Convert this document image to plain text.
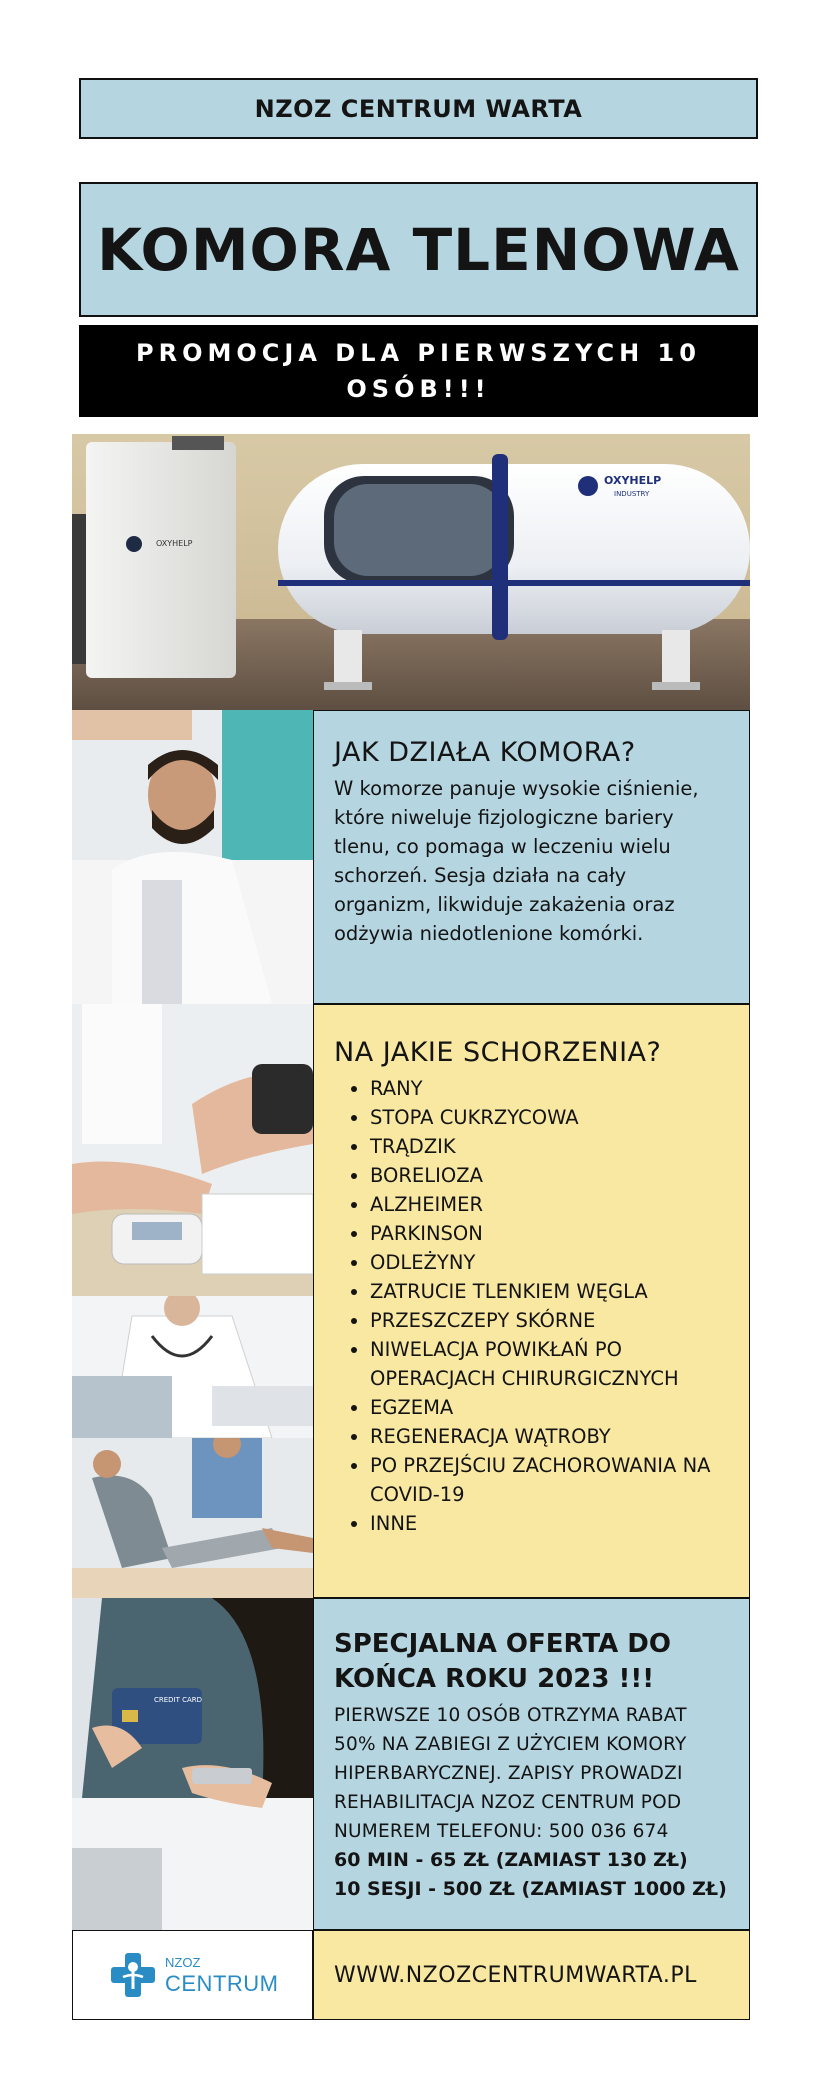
NZOZ CENTRUM WARTA
KOMORA TLENOWA
PROMOCJA DLA PIERWSZYCH 10 OSÓB!!!
OXYHELP
OXYHELP
INDUSTRY
JAK DZIAŁA KOMORA?
W komorze panuje wysokie ciśnienie, które niweluje fizjologiczne bariery tlenu, co pomaga w leczeniu wielu schorzeń. Sesja działa na cały organizm, likwiduje zakażenia oraz odżywia niedotlenione komórki.
NA JAKIE SCHORZENIA?
• RANY
• STOPA CUKRZYCOWA
• TRĄDZIK
• BORELIOZA
• ALZHEIMER
• PARKINSON
• ODLEŻYNY
• ZATRUCIE TLENKIEM WĘGLA
• PRZESZCZEPY SKÓRNE
• NIWELACJA POWIKŁAŃ PO OPERACJACH CHIRURGICZNYCH
• EGZEMA
• REGENERACJA WĄTROBY
• PO PRZEJŚCIU ZACHOROWANIA NA COVID-19
• INNE
CREDIT CARD
SPECJALNA OFERTA DO KOŃCA ROKU 2023 !!!
PIERWSZE 10 OSÓB OTRZYMA RABAT 50% NA ZABIEGI Z UŻYCIEM KOMORY HIPERBARYCZNEJ. ZAPISY PROWADZI REHABILITACJA NZOZ CENTRUM POD NUMEREM TELEFONU: 500 036 674
60 MIN - 65 ZŁ (ZAMIAST 130 ZŁ)
10 SESJI - 500 ZŁ (ZAMIAST 1000 ZŁ)
NZOZ
CENTRUM	WWW.NZOZCENTRUMWARTA.PL
